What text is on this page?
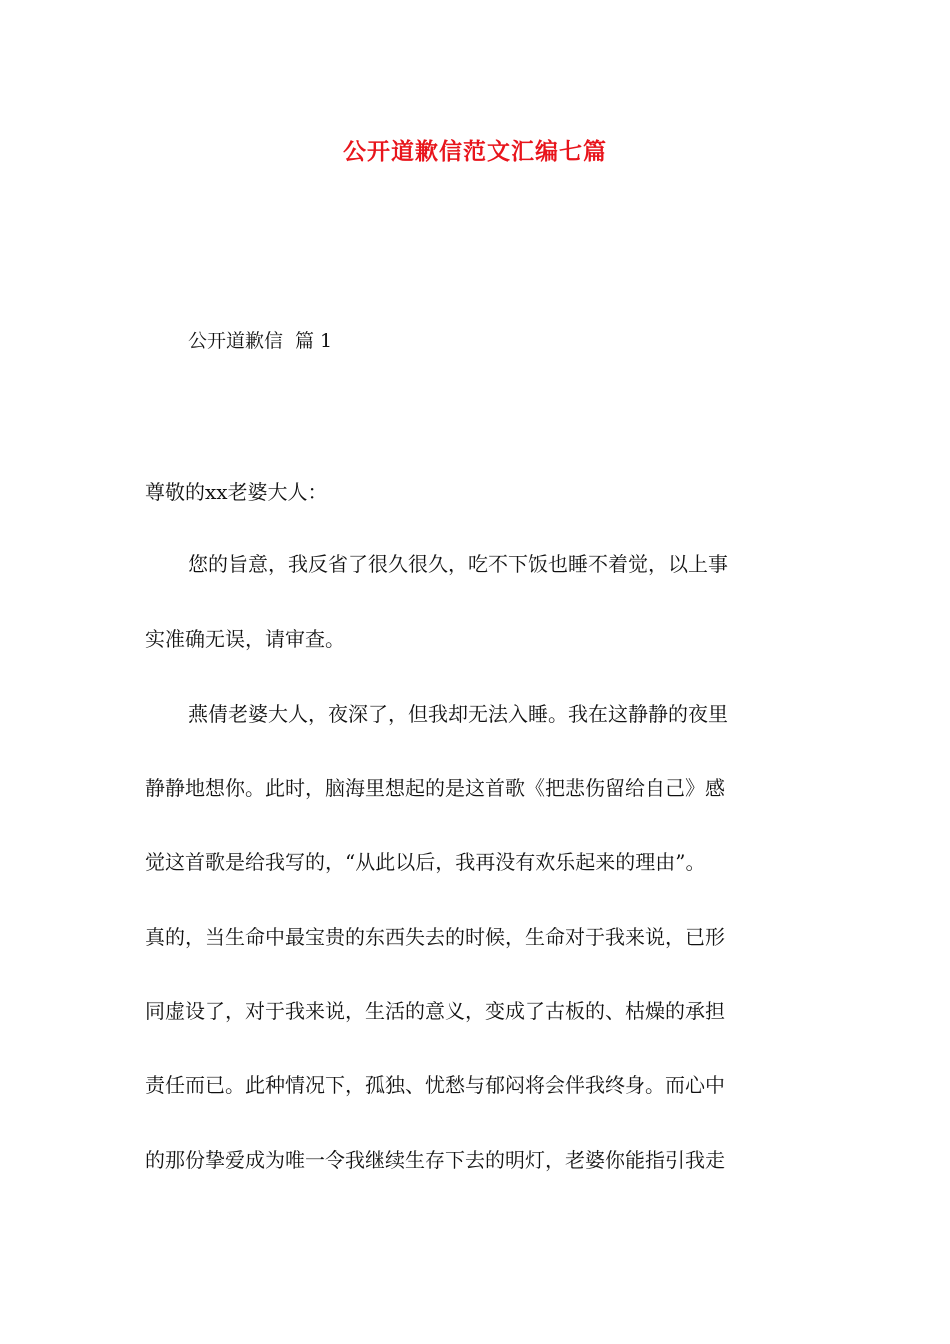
公开道歉信范文汇编七篇
公开道歉信 篇 1
尊敬的xx老婆大人：
您的旨意，我反省了很久很久，吃不下饭也睡不着觉，以上事
实准确无误，请审查。
燕倩老婆大人，夜深了，但我却无法入睡。我在这静静的夜里
静静地想你。此时，脑海里想起的是这首歌《把悲伤留给自己》感
觉这首歌是给我写的，“从此以后，我再没有欢乐起来的理由”。
真的，当生命中最宝贵的东西失去的时候，生命对于我来说，已形
同虚设了，对于我来说，生活的意义，变成了古板的、枯燥的承担
责任而已。此种情况下，孤独、忧愁与郁闷将会伴我终身。而心中
的那份挚爱成为唯一令我继续生存下去的明灯，老婆你能指引我走
